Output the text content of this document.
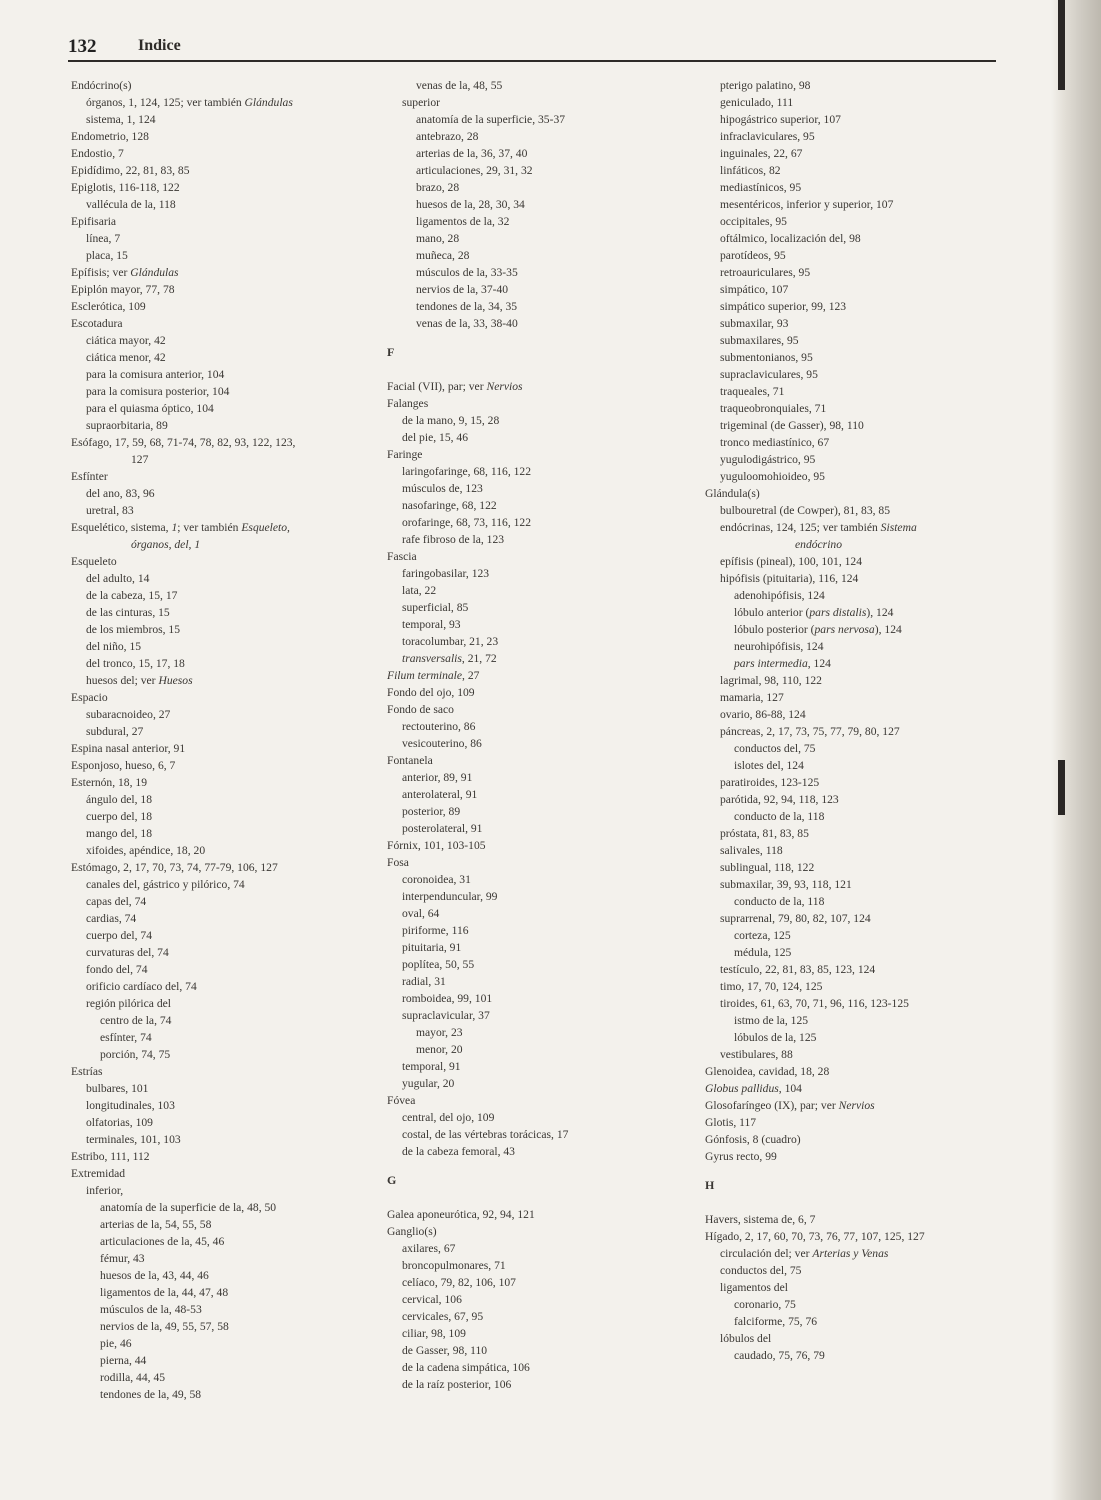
132	Indice
Endócrino(s)
órganos, 1, 124, 125; ver también Glándulas
sistema, 1, 124
Endometrio, 128
Endostio, 7
Epidídimo, 22, 81, 83, 85
Epiglotis, 116-118, 122
vallécula de la, 118
Epifisaria
línea, 7
placa, 15
Epífisis; ver Glándulas
Epiplón mayor, 77, 78
Esclerótica, 109
Escotadura
ciática mayor, 42
ciática menor, 42
para la comisura anterior, 104
para la comisura posterior, 104
para el quiasma óptico, 104
supraorbitaria, 89
Esófago, 17, 59, 68, 71-74, 78, 82, 93, 122, 123,
127
Esfínter
del ano, 83, 96
uretral, 83
Esquelético, sistema, 1; ver también Esqueleto,
órganos, del, 1
Esqueleto
del adulto, 14
de la cabeza, 15, 17
de las cinturas, 15
de los miembros, 15
del niño, 15
del tronco, 15, 17, 18
huesos del; ver Huesos
Espacio
subaracnoideo, 27
subdural, 27
Espina nasal anterior, 91
Esponjoso, hueso, 6, 7
Esternón, 18, 19
ángulo del, 18
cuerpo del, 18
mango del, 18
xifoides, apéndice, 18, 20
Estómago, 2, 17, 70, 73, 74, 77-79, 106, 127
canales del, gástrico y pilórico, 74
capas del, 74
cardias, 74
cuerpo del, 74
curvaturas del, 74
fondo del, 74
orificio cardíaco del, 74
región pilórica del
centro de la, 74
esfínter, 74
porción, 74, 75
Estrías
bulbares, 101
longitudinales, 103
olfatorias, 109
terminales, 101, 103
Estribo, 111, 112
Extremidad
inferior,
anatomía de la superficie de la, 48, 50
arterias de la, 54, 55, 58
articulaciones de la, 45, 46
fémur, 43
huesos de la, 43, 44, 46
ligamentos de la, 44, 47, 48
músculos de la, 48-53
nervios de la, 49, 55, 57, 58
pie, 46
pierna, 44
rodilla, 44, 45
tendones de la, 49, 58
venas de la, 48, 55
superior
anatomía de la superficie, 35-37
antebrazo, 28
arterias de la, 36, 37, 40
articulaciones, 29, 31, 32
brazo, 28
huesos de la, 28, 30, 34
ligamentos de la, 32
mano, 28
muñeca, 28
músculos de la, 33-35
nervios de la, 37-40
tendones de la, 34, 35
venas de la, 33, 38-40
F
Facial (VII), par; ver Nervios
Falanges
de la mano, 9, 15, 28
del pie, 15, 46
Faringe
laringofaringe, 68, 116, 122
músculos de, 123
nasofaringe, 68, 122
orofaringe, 68, 73, 116, 122
rafe fibroso de la, 123
Fascia
faringobasilar, 123
lata, 22
superficial, 85
temporal, 93
toracolumbar, 21, 23
transversalis, 21, 72
Filum terminale, 27
Fondo del ojo, 109
Fondo de saco
rectouterino, 86
vesicouterino, 86
Fontanela
anterior, 89, 91
anterolateral, 91
posterior, 89
posterolateral, 91
Fórnix, 101, 103-105
Fosa
coronoidea, 31
interpenduncular, 99
oval, 64
piriforme, 116
pituitaria, 91
poplítea, 50, 55
radial, 31
romboidea, 99, 101
supraclavicular, 37
mayor, 23
menor, 20
temporal, 91
yugular, 20
Fóvea
central, del ojo, 109
costal, de las vértebras torácicas, 17
de la cabeza femoral, 43
G
Galea aponeurótica, 92, 94, 121
Ganglio(s)
axilares, 67
broncopulmonares, 71
celíaco, 79, 82, 106, 107
cervical, 106
cervicales, 67, 95
ciliar, 98, 109
de Gasser, 98, 110
de la cadena simpática, 106
de la raíz posterior, 106
pterigo palatino, 98
geniculado, 111
hipogástrico superior, 107
infraclaviculares, 95
inguinales, 22, 67
linfáticos, 82
mediastínicos, 95
mesentéricos, inferior y superior, 107
occipitales, 95
oftálmico, localización del, 98
parotídeos, 95
retroauriculares, 95
simpático, 107
simpático superior, 99, 123
submaxilar, 93
submaxilares, 95
submentonianos, 95
supraclaviculares, 95
traqueales, 71
traqueobronquiales, 71
trigeminal (de Gasser), 98, 110
tronco mediastínico, 67
yugulodigástrico, 95
yuguloomohioideo, 95
Glándula(s)
bulbouretral (de Cowper), 81, 83, 85
endócrinas, 124, 125; ver también Sistema
endócrino
epífisis (pineal), 100, 101, 124
hipófisis (pituitaria), 116, 124
adenohipófisis, 124
lóbulo anterior (pars distalis), 124
lóbulo posterior (pars nervosa), 124
neurohipófisis, 124
pars intermedia, 124
lagrimal, 98, 110, 122
mamaria, 127
ovario, 86-88, 124
páncreas, 2, 17, 73, 75, 77, 79, 80, 127
conductos del, 75
islotes del, 124
paratiroides, 123-125
parótida, 92, 94, 118, 123
conducto de la, 118
próstata, 81, 83, 85
salivales, 118
sublingual, 118, 122
submaxilar, 39, 93, 118, 121
conducto de la, 118
suprarrenal, 79, 80, 82, 107, 124
corteza, 125
médula, 125
testículo, 22, 81, 83, 85, 123, 124
timo, 17, 70, 124, 125
tiroides, 61, 63, 70, 71, 96, 116, 123-125
istmo de la, 125
lóbulos de la, 125
vestibulares, 88
Glenoidea, cavidad, 18, 28
Globus pallidus, 104
Glosofaríngeo (IX), par; ver Nervios
Glotis, 117
Gónfosis, 8 (cuadro)
Gyrus recto, 99
H
Havers, sistema de, 6, 7
Hígado, 2, 17, 60, 70, 73, 76, 77, 107, 125, 127
circulación del; ver Arterias y Venas
conductos del, 75
ligamentos del
coronario, 75
falciforme, 75, 76
lóbulos del
caudado, 75, 76, 79
